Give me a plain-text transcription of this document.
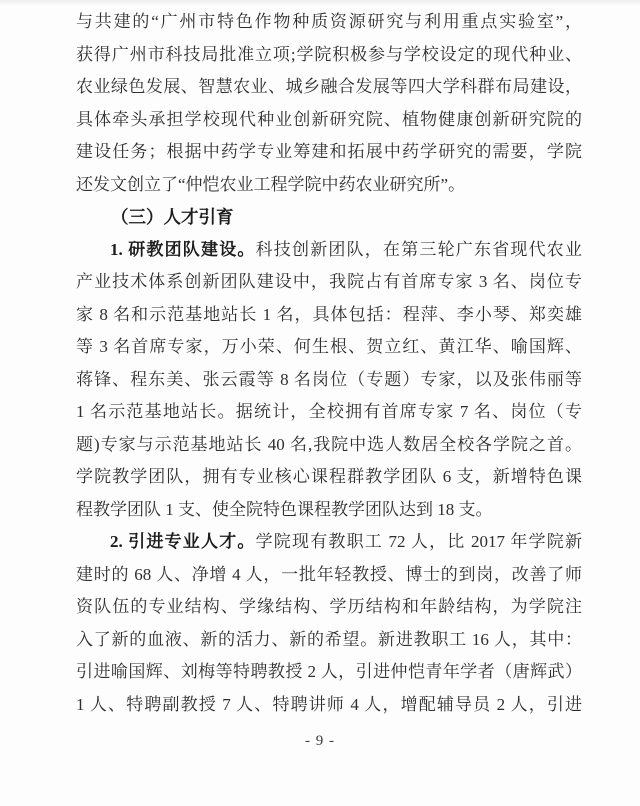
与共建的“广州市特色作物种质资源研究与利用重点实验室”，
获得广州市科技局批准立项;学院积极参与学校设定的现代种业、
农业绿色发展、智慧农业、城乡融合发展等四大学科群布局建设，
具体牵头承担学校现代种业创新研究院、植物健康创新研究院的
建设任务；根据中药学专业筹建和拓展中药学研究的需要，学院
还发文创立了“仲恺农业工程学院中药农业研究所”。
（三）人才引育
1. 研教团队建设。科技创新团队，在第三轮广东省现代农业
产业技术体系创新团队建设中，我院占有首席专家 3 名、岗位专
家 8 名和示范基地站长 1 名，具体包括：程萍、李小琴、郑奕雄
等 3 名首席专家，万小荣、何生根、贺立红、黄江华、喻国辉、
蒋锋、程东美、张云霞等 8 名岗位（专题）专家，以及张伟丽等
1 名示范基地站长。据统计，全校拥有首席专家 7 名、岗位（专
题)专家与示范基地站长 40 名,我院中选人数居全校各学院之首。
学院教学团队，拥有专业核心课程群教学团队 6 支，新增特色课
程教学团队 1 支、使全院特色课程教学团队达到 18 支。
2. 引进专业人才。学院现有教职工 72 人，比 2017 年学院新
建时的 68 人、净增 4 人，一批年轻教授、博士的到岗，改善了师
资队伍的专业结构、学缘结构、学历结构和年龄结构，为学院注
入了新的血液、新的活力、新的希望。新进教职工 16 人，其中：
引进喻国辉、刘梅等特聘教授 2 人，引进仲恺青年学者（唐辉武）
1 人、特聘副教授 7 人、特聘讲师 4 人，增配辅导员 2 人，引进
- 9 -
